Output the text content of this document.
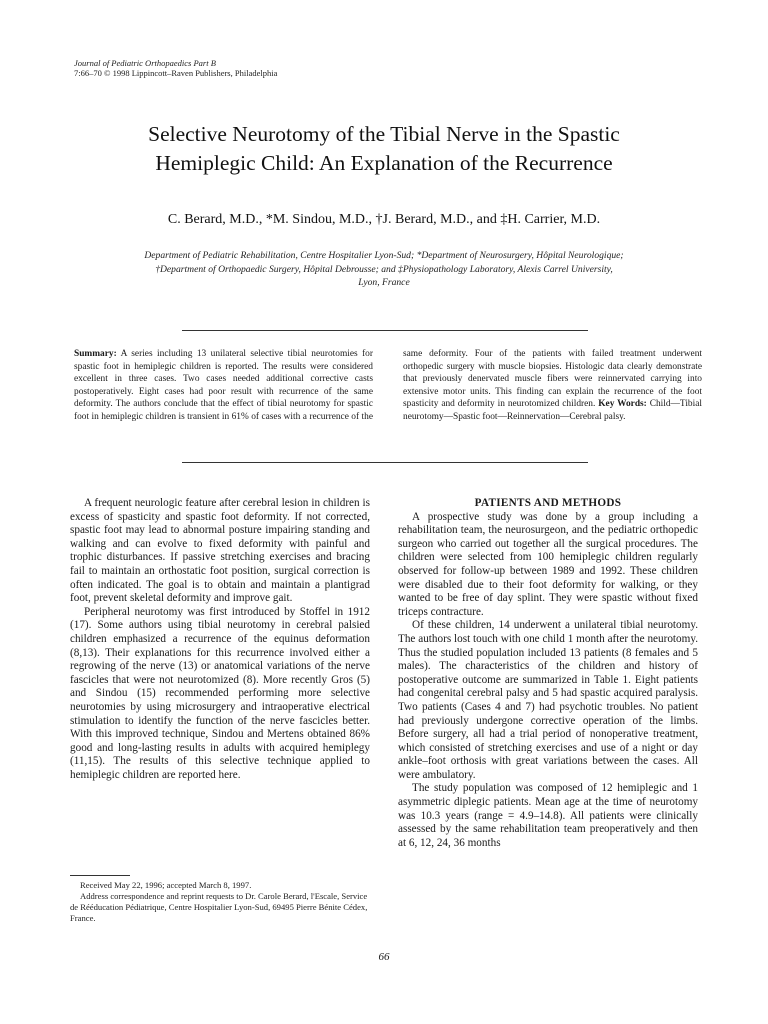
Journal of Pediatric Orthopaedics Part B
7:66–70 © 1998 Lippincott–Raven Publishers, Philadelphia
Selective Neurotomy of the Tibial Nerve in the Spastic
Hemiplegic Child: An Explanation of the Recurrence
C. Berard, M.D., *M. Sindou, M.D., †J. Berard, M.D., and ‡H. Carrier, M.D.
Department of Pediatric Rehabilitation, Centre Hospitalier Lyon-Sud; *Department of Neurosurgery, Hôpital Neurologique;
†Department of Orthopaedic Surgery, Hôpital Debrousse; and ‡Physiopathology Laboratory, Alexis Carrel University,
Lyon, France
Summary: A series including 13 unilateral selective tibial neurotomies for spastic foot in hemiplegic children is reported. The results were considered excellent in three cases. Two cases needed additional corrective casts postoperatively. Eight cases had poor result with recurrence of the same deformity. The authors conclude that the effect of tibial neurotomy for spastic foot in hemiplegic children is transient in 61% of cases with a recurrence of the same deformity. Four of the patients with failed treatment underwent orthopedic surgery with muscle biopsies. Histologic data clearly demonstrate that previously denervated muscle fibers were reinnervated carrying into extensive motor units. This finding can explain the recurrence of the foot spasticity and deformity in neurotomized children. Key Words: Child—Tibial neurotomy—Spastic foot—Reinnervation—Cerebral palsy.

A frequent neurologic feature after cerebral lesion in children is excess of spasticity and spastic foot deformity. If not corrected, spastic foot may lead to abnormal posture impairing standing and walking and can evolve to fixed deformity with painful and trophic disturbances. If passive stretching exercises and bracing fail to maintain an orthostatic foot position, surgical correction is often indicated. The goal is to obtain and maintain a plantigrad foot, prevent skeletal deformity and improve gait.

Peripheral neurotomy was first introduced by Stoffel in 1912 (17). Some authors using tibial neurotomy in cerebral palsied children emphasized a recurrence of the equinus deformation (8,13). Their explanations for this recurrence involved either a regrowing of the nerve (13) or anatomical variations of the nerve fascicles that were not neurotomized (8). More recently Gros (5) and Sindou (15) recommended performing more selective neurotomies by using microsurgery and intraoperative electrical stimulation to identify the function of the nerve fascicles better. With this improved technique, Sindou and Mertens obtained 86% good and long-lasting results in adults with acquired hemiplegy (11,15). The results of this selective technique applied to hemiplegic children are reported here.

PATIENTS AND METHODS

A prospective study was done by a group including a rehabilitation team, the neurosurgeon, and the pediatric orthopedic surgeon who carried out together all the surgical procedures. The children were selected from 100 hemiplegic children regularly observed for follow-up between 1989 and 1992. These children were disabled due to their foot deformity for walking, or they wanted to be free of day splint. They were spastic without fixed triceps contracture.

Of these children, 14 underwent a unilateral tibial neurotomy. The authors lost touch with one child 1 month after the neurotomy. Thus the studied population included 13 patients (8 females and 5 males). The characteristics of the children and history of postoperative outcome are summarized in Table 1. Eight patients had congenital cerebral palsy and 5 had spastic acquired paralysis. Two patients (Cases 4 and 7) had psychotic troubles. No patient had previously undergone corrective operation of the limbs. Before surgery, all had a trial period of nonoperative treatment, which consisted of stretching exercises and use of a night or day ankle–foot orthosis with great variations between the cases. All were ambulatory.

The study population was composed of 12 hemiplegic and 1 asymmetric diplegic patients. Mean age at the time of neurotomy was 10.3 years (range = 4.9–14.8). All patients were clinically assessed by the same rehabilitation team preoperatively and then at 6, 12, 24, 36 months

Received May 22, 1996; accepted March 8, 1997.

Address correspondence and reprint requests to Dr. Carole Berard, l'Escale, Service de Rééducation Pédiatrique, Centre Hospitalier Lyon-Sud, 69495 Pierre Bénite Cédex, France.

66
